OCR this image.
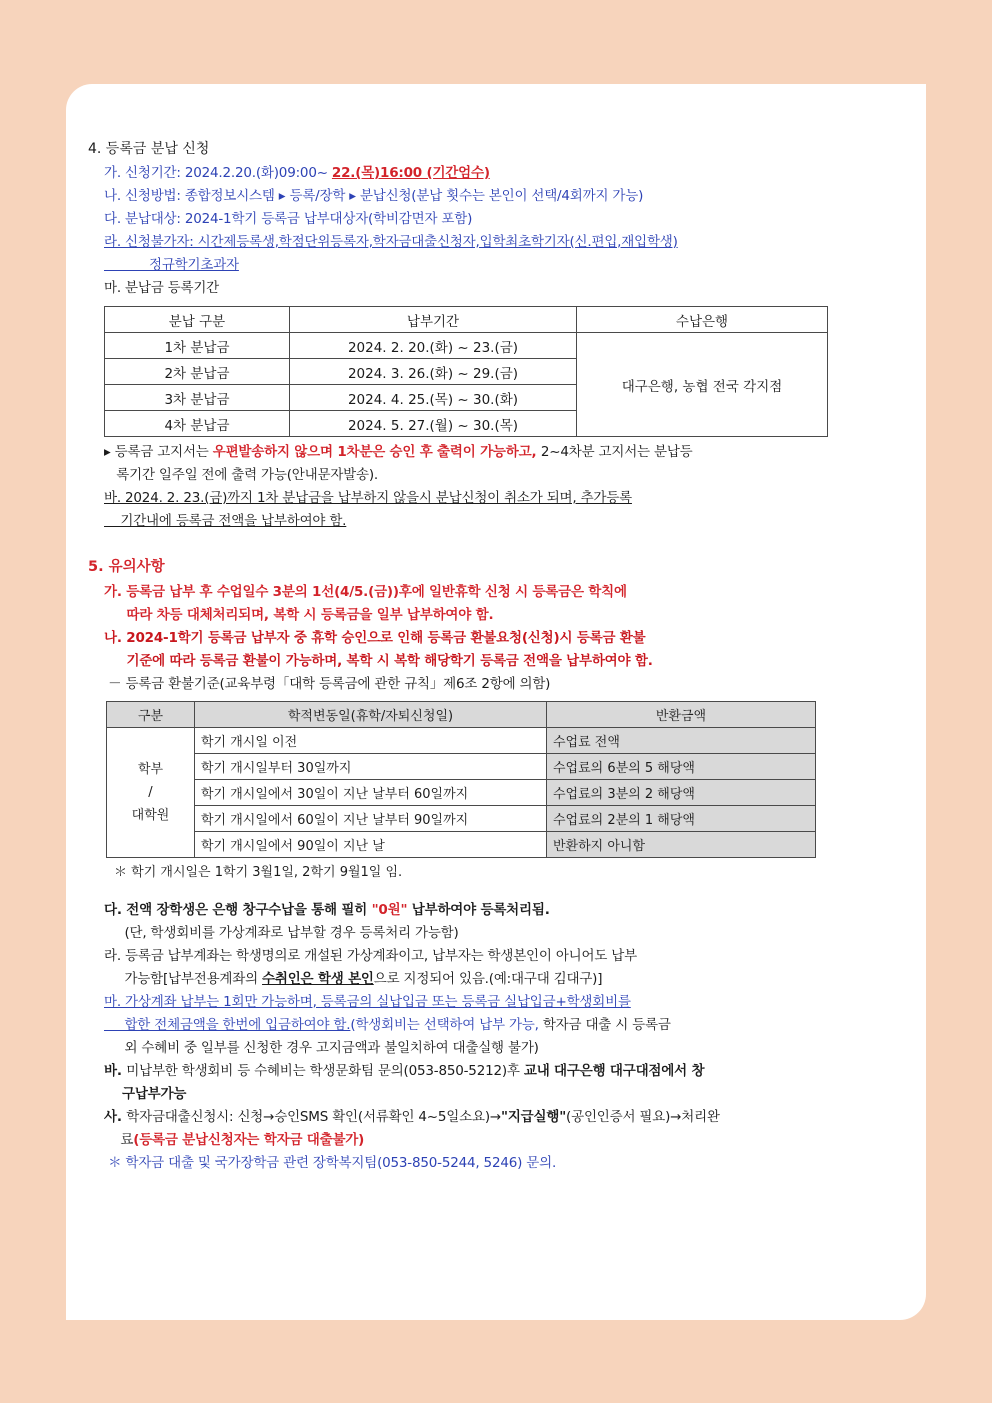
4. 등록금 분납 신청
가. 신청기간: 2024.2.20.(화)09:00~ 22.(목)16:00 (기간엄수)
나. 신청방법: 종합정보시스템 ▸ 등록/장학 ▸ 분납신청(분납 횟수는 본인이 선택/4회까지 가능)
다. 분납대상: 2024-1학기 등록금 납부대상자(학비감면자 포함)
라. 신청불가자: 시간제등록생,학점단위등록자,학자금대출신청자,입학최초학기자(신.편입,재입학생)
정규학기초과자
마. 분납금 등록기간
분납 구분	납부기간	수납은행
1차 분납금	2024. 2. 20.(화) ~ 23.(금)	대구은행, 농협 전국 각지점
2차 분납금	2024. 3. 26.(화) ~ 29.(금)	
3차 분납금	2024. 4. 25.(목) ~ 30.(화)	
4차 분납금	2024. 5. 27.(월) ~ 30.(목)	
▸ 등록금 고지서는 우편발송하지 않으며 1차분은 승인 후 출력이 가능하고, 2~4차분 고지서는 분납등
록기간 일주일 전에 출력 가능(안내문자발송).
바. 2024. 2. 23.(금)까지 1차 분납금을 납부하지 않을시 분납신청이 취소가 되며, 추가등록
기간내에 등록금 전액을 납부하여야 함.
5. 유의사항
가. 등록금 납부 후 수업일수 3분의 1선(4/5.(금))후에 일반휴학 신청 시 등록금은 학칙에
따라 차등 대체처리되며, 복학 시 등록금을 일부 납부하여야 함.
나. 2024-1학기 등록금 납부자 중 휴학 승인으로 인해 등록금 환불요청(신청)시 등록금 환불
기준에 따라 등록금 환불이 가능하며, 복학 시 복학 해당학기 등록금 전액을 납부하여야 함.
－ 등록금 환불기준(교육부령「대학 등록금에 관한 규칙」제6조 2항에 의함)
구분	학적변동일(휴학/자퇴신청일)	반환금액

학부
/
대학원	학기 개시일 이전	수업료 전액
	학기 개시일부터 30일까지	수업료의 6분의 5 해당액
	학기 개시일에서 30일이 지난 날부터 60일까지	수업료의 3분의 2 해당액
	학기 개시일에서 60일이 지난 날부터 90일까지	수업료의 2분의 1 해당액
	학기 개시일에서 90일이 지난 날	반환하지 아니함
＊ 학기 개시일은 1학기 3월1일, 2학기 9월1일 임.
다. 전액 장학생은 은행 창구수납을 통해 필히 "0원" 납부하여야 등록처리됨.
(단, 학생회비를 가상계좌로 납부할 경우 등록처리 가능함)
라. 등록금 납부계좌는 학생명의로 개설된 가상계좌이고, 납부자는 학생본인이 아니어도 납부
가능함[납부전용계좌의 수취인은 학생 본인으로 지정되어 있음.(예:대구대 김대구)]
마. 가상계좌 납부는 1회만 가능하며, 등록금의 실납입금 또는 등록금 실납입금+학생회비를
합한 전체금액을 한번에 입금하여야 함.(학생회비는 선택하여 납부 가능, 학자금 대출 시 등록금
외 수혜비 중 일부를 신청한 경우 고지금액과 불일치하여 대출실행 불가)
바. 미납부한 학생회비 등 수혜비는 학생문화팀 문의(053-850-5212)후 교내 대구은행 대구대점에서 창
구납부가능
사. 학자금대출신청시: 신청→승인SMS 확인(서류확인 4~5일소요)→"지급실행"(공인인증서 필요)→처리완
료(등록금 분납신청자는 학자금 대출불가)
＊ 학자금 대출 및 국가장학금 관련 장학복지팀(053-850-5244, 5246) 문의.
